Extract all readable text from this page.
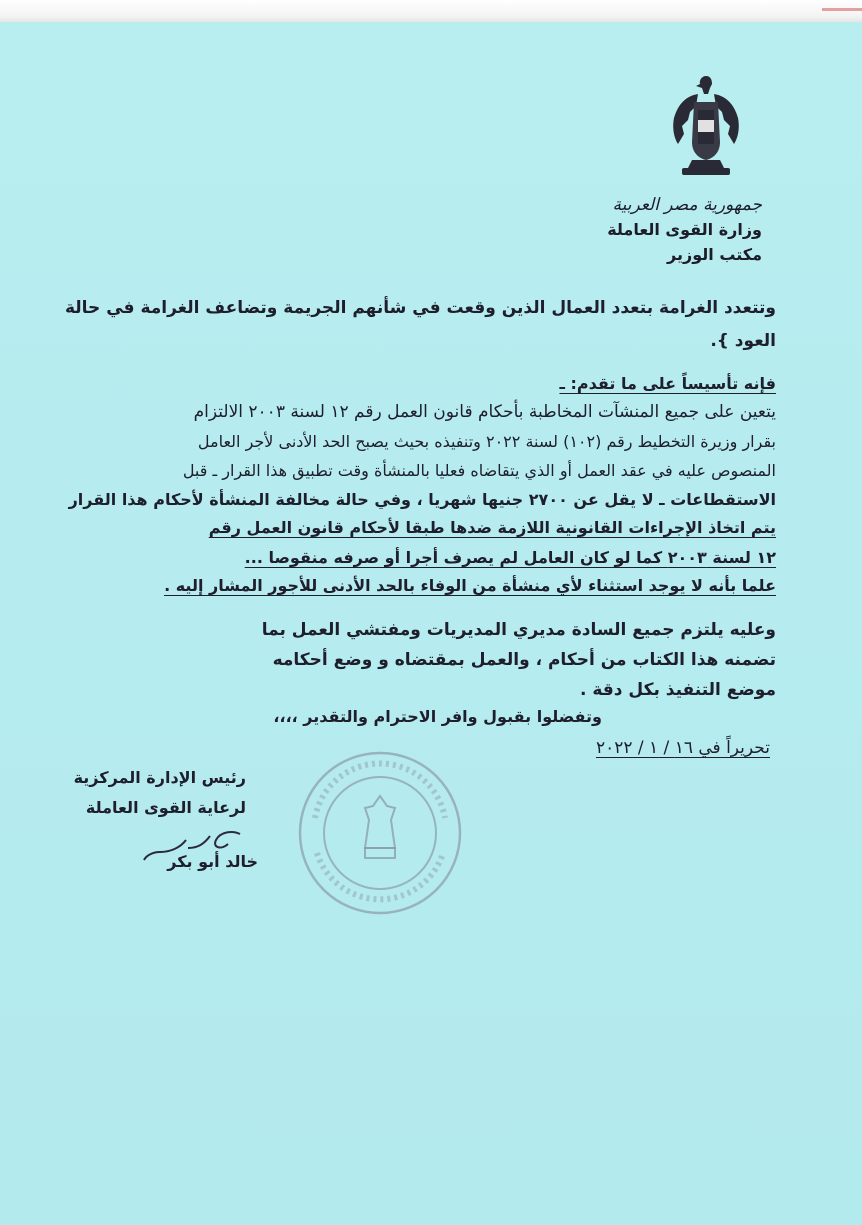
جمهورية مصر العربية
وزارة القوى العاملة
مكتب الوزير
وتتعدد الغرامة بتعدد العمال الذين وقعت في شأنهم الجريمة وتضاعف الغرامة في حالة
العود }.
فإنه تأسيساً على ما تقدم: ـ
يتعين على جميع المنشآت المخاطبة بأحكام قانون العمل رقم ١٢ لسنة ٢٠٠٣ الالتزام
بقرار وزيرة التخطيط رقم (١٠٢) لسنة ٢٠٢٢ وتنفيذه بحيث يصبح الحد الأدنى لأجر العامل
المنصوص عليه في عقد العمل أو الذي يتقاضاه فعليا بالمنشأة وقت تطبيق هذا القرار ـ قبل
الاستقطاعات ـ لا يقل عن ٢٧٠٠ جنيها شهريا ، وفي حالة مخالفة المنشأة لأحكام هذا القرار
يتم اتخاذ الإجراءات القانونية اللازمة ضدها طبقا لأحكام قانون العمل رقم
١٢ لسنة ٢٠٠٣ كما لو كان العامل لم يصرف أجرا أو صرفه منقوصا ...
علما بأنه لا يوجد استثناء لأي منشأة من الوفاء بالحد الأدنى للأجور المشار إليه .
وعليه يلتزم جميع السادة مديري المديريات ومفتشي العمل بما
تضمنه هذا الكتاب من أحكام ، والعمل بمقتضاه و وضع أحكامه
موضع التنفيذ بكل دقة .
وتفضلوا بقبول وافر الاحترام والتقدير ،،،،
تحريراً في ١٦ / ١ / ٢٠٢٢
رئيس الإدارة المركزية
لرعاية القوى العاملة
خالد أبو بكر
